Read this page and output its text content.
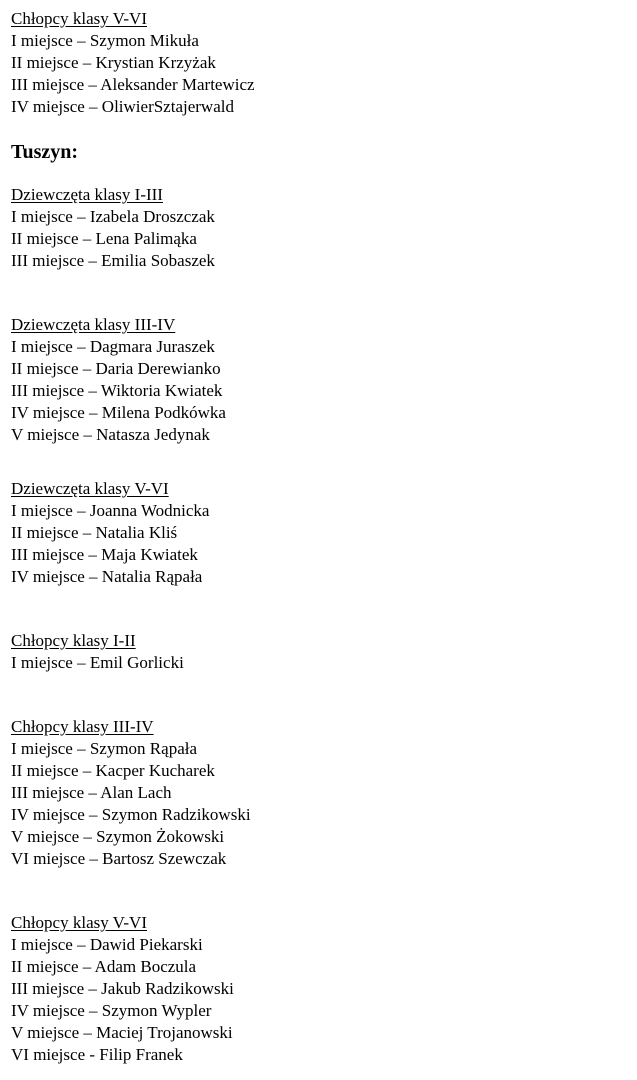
Chłopcy klasy V-VI
I miejsce – Szymon Mikuła
II miejsce – Krystian Krzyżak
III miejsce – Aleksander Martewicz
IV miejsce – OliwierSztajerwald
Tuszyn:
Dziewczęta klasy I-III
I miejsce – Izabela Droszczak
II miejsce – Lena Palimąka
III miejsce – Emilia Sobaszek
Dziewczęta klasy III-IV
I miejsce – Dagmara Juraszek
II miejsce – Daria Derewianko
III miejsce – Wiktoria Kwiatek
IV miejsce – Milena Podkówka
V miejsce – Natasza Jedynak
Dziewczęta klasy V-VI
I miejsce – Joanna Wodnicka
II miejsce – Natalia Kliś
III miejsce – Maja Kwiatek
IV miejsce – Natalia Rąpała
Chłopcy klasy I-II
I miejsce – Emil Gorlicki
Chłopcy klasy III-IV
I miejsce – Szymon Rąpała
II miejsce – Kacper Kucharek
III miejsce – Alan Lach
IV miejsce – Szymon Radzikowski
V miejsce – Szymon Żokowski
VI miejsce – Bartosz Szewczak
Chłopcy klasy V-VI
I miejsce – Dawid Piekarski
II miejsce – Adam Boczula
III miejsce – Jakub Radzikowski
IV miejsce – Szymon Wypler
V miejsce – Maciej Trojanowski
VI miejsce - Filip Franek
